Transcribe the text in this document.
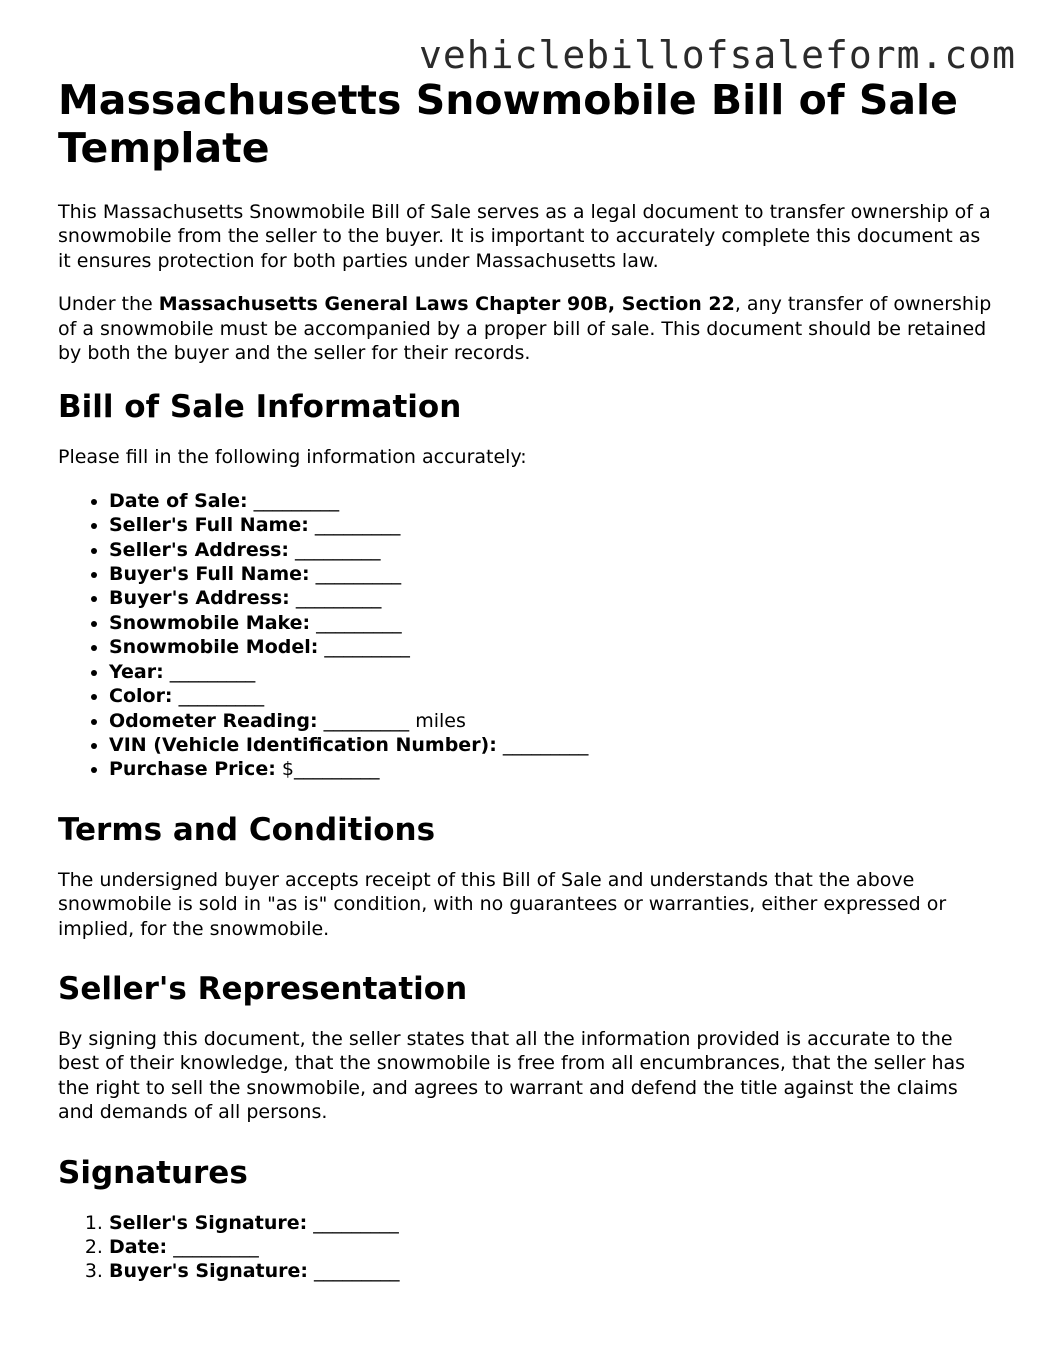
vehiclebillofsaleform.com
Massachusetts Snowmobile Bill of Sale Template

This Massachusetts Snowmobile Bill of Sale serves as a legal document to transfer ownership of a snowmobile from the seller to the buyer. It is important to accurately complete this document as it ensures protection for both parties under Massachusetts law.

Under the Massachusetts General Laws Chapter 90B, Section 22, any transfer of ownership of a snowmobile must be accompanied by a proper bill of sale. This document should be retained by both the buyer and the seller for their records.

Bill of Sale Information

Please fill in the following information accurately:

• Date of Sale: _________
• Seller's Full Name: _________
• Seller's Address: _________
• Buyer's Full Name: _________
• Buyer's Address: _________
• Snowmobile Make: _________
• Snowmobile Model: _________
• Year: _________
• Color: _________
• Odometer Reading: _________ miles
• VIN (Vehicle Identification Number): _________
• Purchase Price: $_________
Terms and Conditions

The undersigned buyer accepts receipt of this Bill of Sale and understands that the above snowmobile is sold in "as is" condition, with no guarantees or warranties, either expressed or implied, for the snowmobile.

Seller's Representation

By signing this document, the seller states that all the information provided is accurate to the best of their knowledge, that the snowmobile is free from all encumbrances, that the seller has the right to sell the snowmobile, and agrees to warrant and defend the title against the claims and demands of all persons.

Signatures
1. Seller's Signature: _________
2. Date: _________
3. Buyer's Signature: _________
